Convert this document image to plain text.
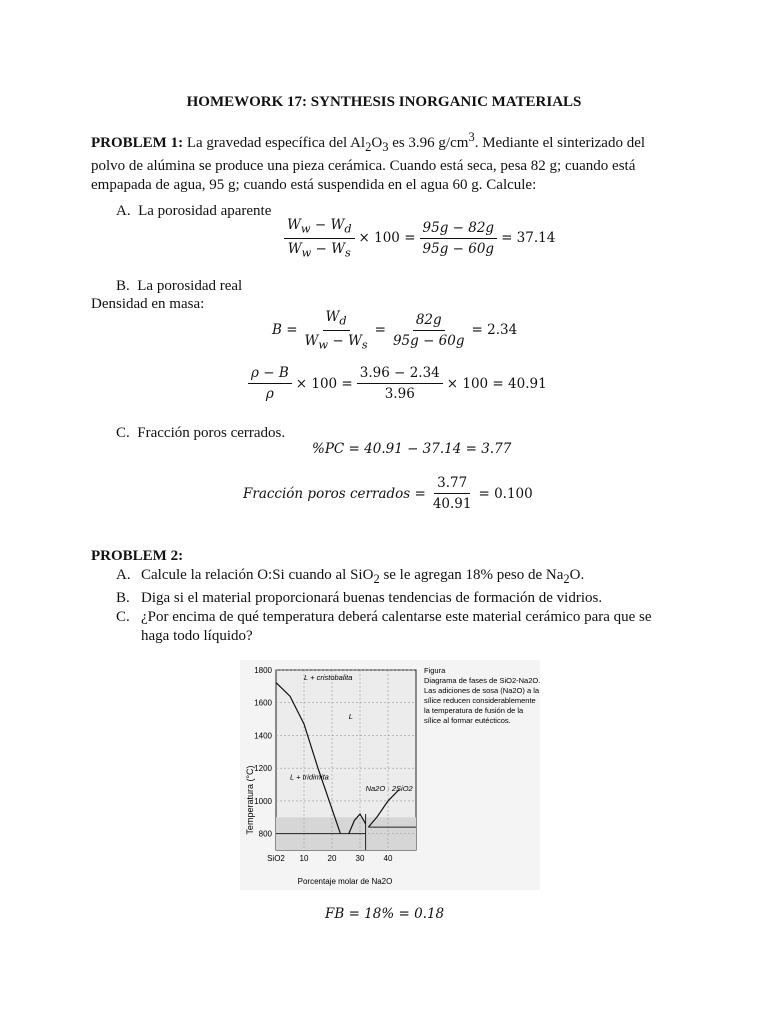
HOMEWORK 17: SYNTHESIS INORGANIC MATERIALS
PROBLEM 1: La gravedad específica del $Al_2O_3$ es 3.96 $g/cm^3$. Mediante el sinterizado del polvo de alúmina se produce una pieza cerámica. Cuando está seca, pesa 82 g; cuando está empapada de agua, 95 g; cuando está suspendida en el agua 60 g. Calcule:
A. La porosidad aparente
$\frac{W_w - W_d}{W_w - W_s} \times 100 = \frac{95g - 82g}{95g - 60g} = 37.14$
B. La porosidad real
Densidad en masa:
$B = \frac{W_d}{W_w - W_s} = \frac{82g}{95g - 60g} = 2.34$
$\frac{\rho - B}{\rho} \times 100 = \frac{3.96 - 2.34}{3.96} \times 100 = 40.91$
C. Fracción poros cerrados.
%PC = 40.91 − 37.14 = 3.77
Fracción poros cerrados = $\frac{3.77}{40.91} = 0.100$
PROBLEM 2:
A. Calcule la relación O:Si cuando al SiO$_2$ se le agregan 18% peso de $Na_2O$.
B. Diga si el material proporcionará buenas tendencias de formación de vidrios.
C. ¿Por encima de qué temperatura deberá calentarse este material cerámico para que se haga todo líquido?
800
1000
1200
1400
1600
1800
SiO2 10 20 30 40
L + cristobalita
L
L + tridimita
Na2O · 2SiO2
Temperatura (°C)
Porcentaje molar de Na2O
Figura
Diagrama de fases de SiO2-Na2O.
Las adiciones de sosa (Na2O) a la
sílice reducen considerablemente
la temperatura de fusión de la
sílice al formar eutécticos.
FB = 18% = 0.18
